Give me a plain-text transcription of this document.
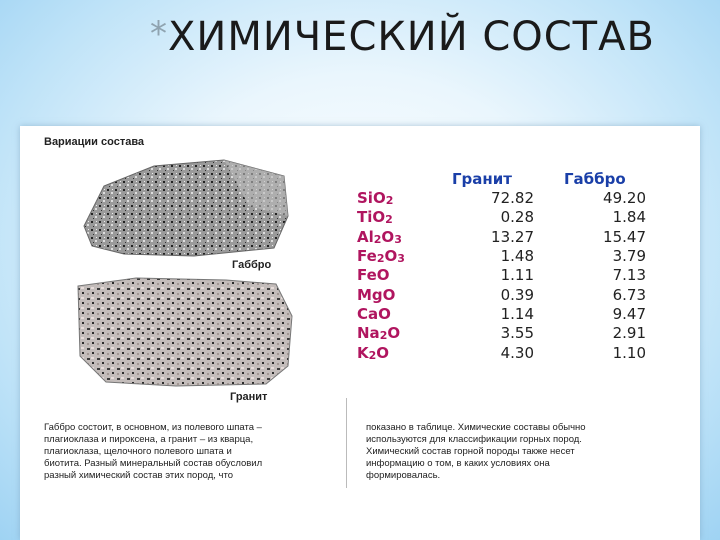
*ХИМИЧЕСКИЙ СОСТАВ
Вариации состава
Габбро
Гранит
Гранит	Габбро
SiO$_2$
TiO$_2$
$Al_2O_3$
$Fe_2O_3$
FeO
MgO
CaO
$Na_2O$
$K_2O$
72.82
0.28
13.27
1.48
1.11
0.39
1.14
3.55
4.30
49.20
1.84
15.47
3.79
7.13
6.73
9.47
2.91
1.10
Габбро состоит, в основном, из полевого шпата –
плагиоклаза и пироксена, а гранит – из кварца,
плагиоклаза, щелочного полевого шпата и
биотита. Разный минеральный состав обусловил
разный химический состав этих пород, что
показано в таблице. Химические составы обычно
используются для классификации горных пород.
Химический состав горной породы также несет
информацию о том, в каких условиях она
формировалась.
